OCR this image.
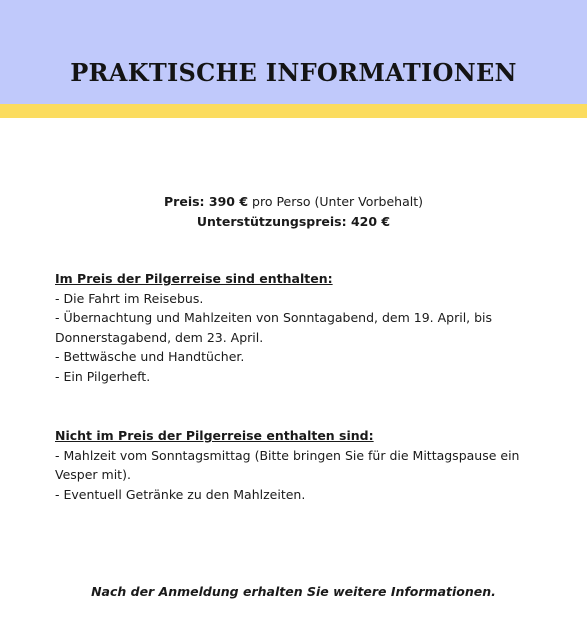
PRAKTISCHE INFORMATIONEN
Preis: 390 € pro Perso (Unter Vorbehalt)
Unterstützungspreis: 420 €
Im Preis der Pilgerreise sind enthalten:
- Die Fahrt im Reisebus.
- Übernachtung und Mahlzeiten von Sonntagabend, dem 19. April, bis Donnerstagabend, dem 23. April.
- Bettwäsche und Handtücher.
- Ein Pilgerheft.
Nicht im Preis der Pilgerreise enthalten sind:
- Mahlzeit vom Sonntagsmittag (Bitte bringen Sie für die Mittagspause ein Vesper mit).
- Eventuell Getränke zu den Mahlzeiten.
Nach der Anmeldung erhalten Sie weitere Informationen.
